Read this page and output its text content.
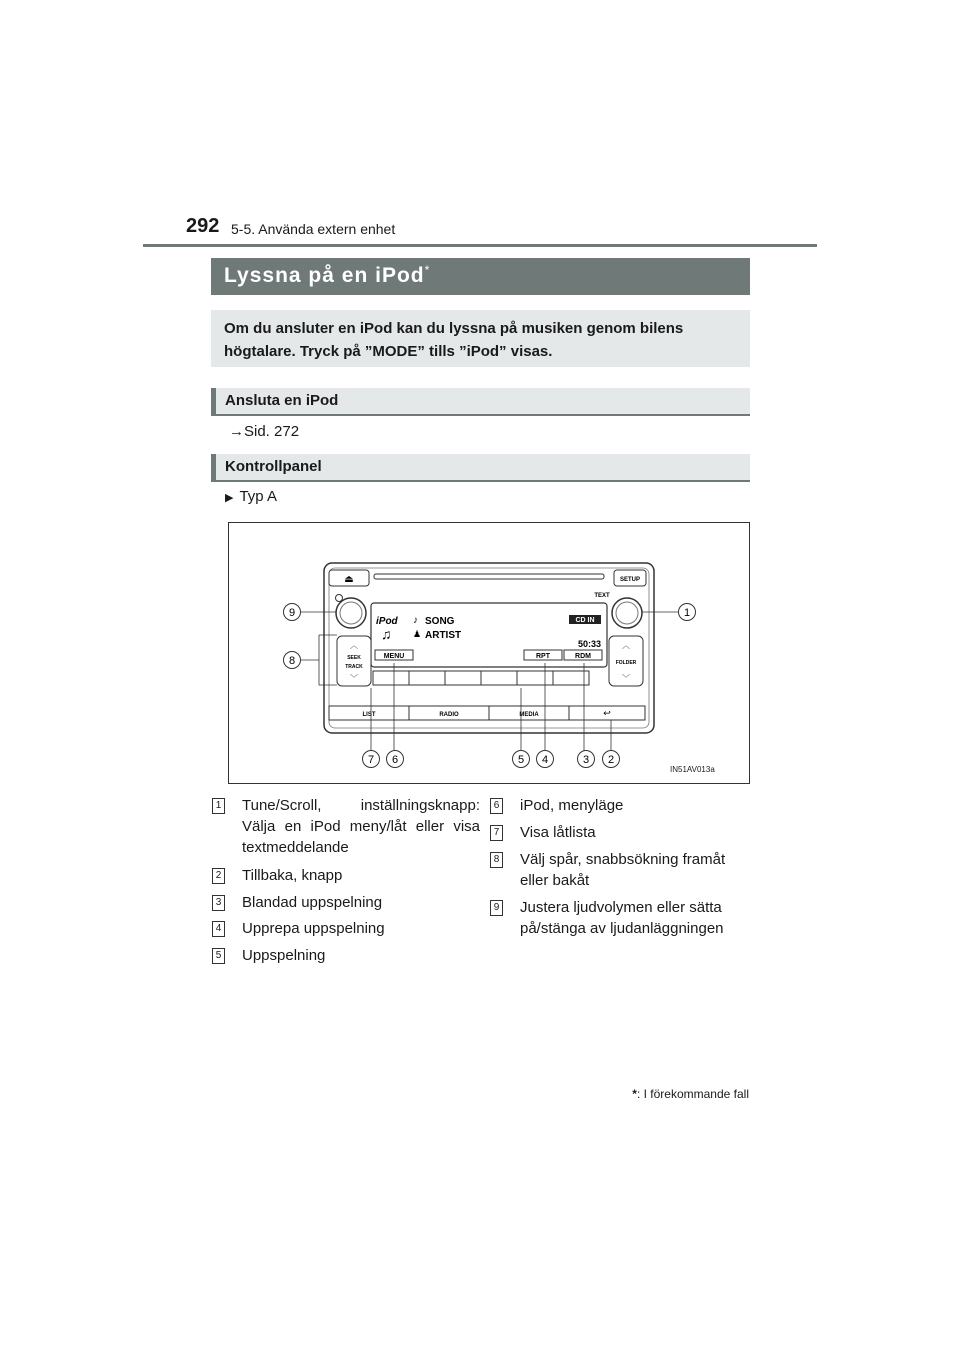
292 5-5. Använda extern enhet
Lyssna på en iPod*
Om du ansluter en iPod kan du lyssna på musiken genom bilens högtalare. Tryck på ”MODE” tills ”iPod” visas.
Ansluta en iPod
→Sid. 272
Kontrollpanel
▶ Typ A
⏏	SETUP
TEXT
iPod ♪ SONG
♫ ♟ ARTIST
CD IN
50:33
MENU	RPT	RDM
︿
SEEK
TRACK
﹀
︿
FOLDER
﹀
LIST	RADIO	MEDIA	↩
1
2
3
4
5
6
7
8
9
IN51AV013a
1 Tune/Scroll, inställningsknapp: Välja en iPod meny/låt eller visa textmeddelande
2 Tillbaka, knapp
3 Blandad uppspelning
4 Upprepa uppspelning
5 Uppspelning
6 iPod, menyläge
7 Visa låtlista
8 Välj spår, snabbsökning framåt eller bakåt
9 Justera ljudvolymen eller sätta på/stänga av ljudanläggningen
*: I förekommande fall
